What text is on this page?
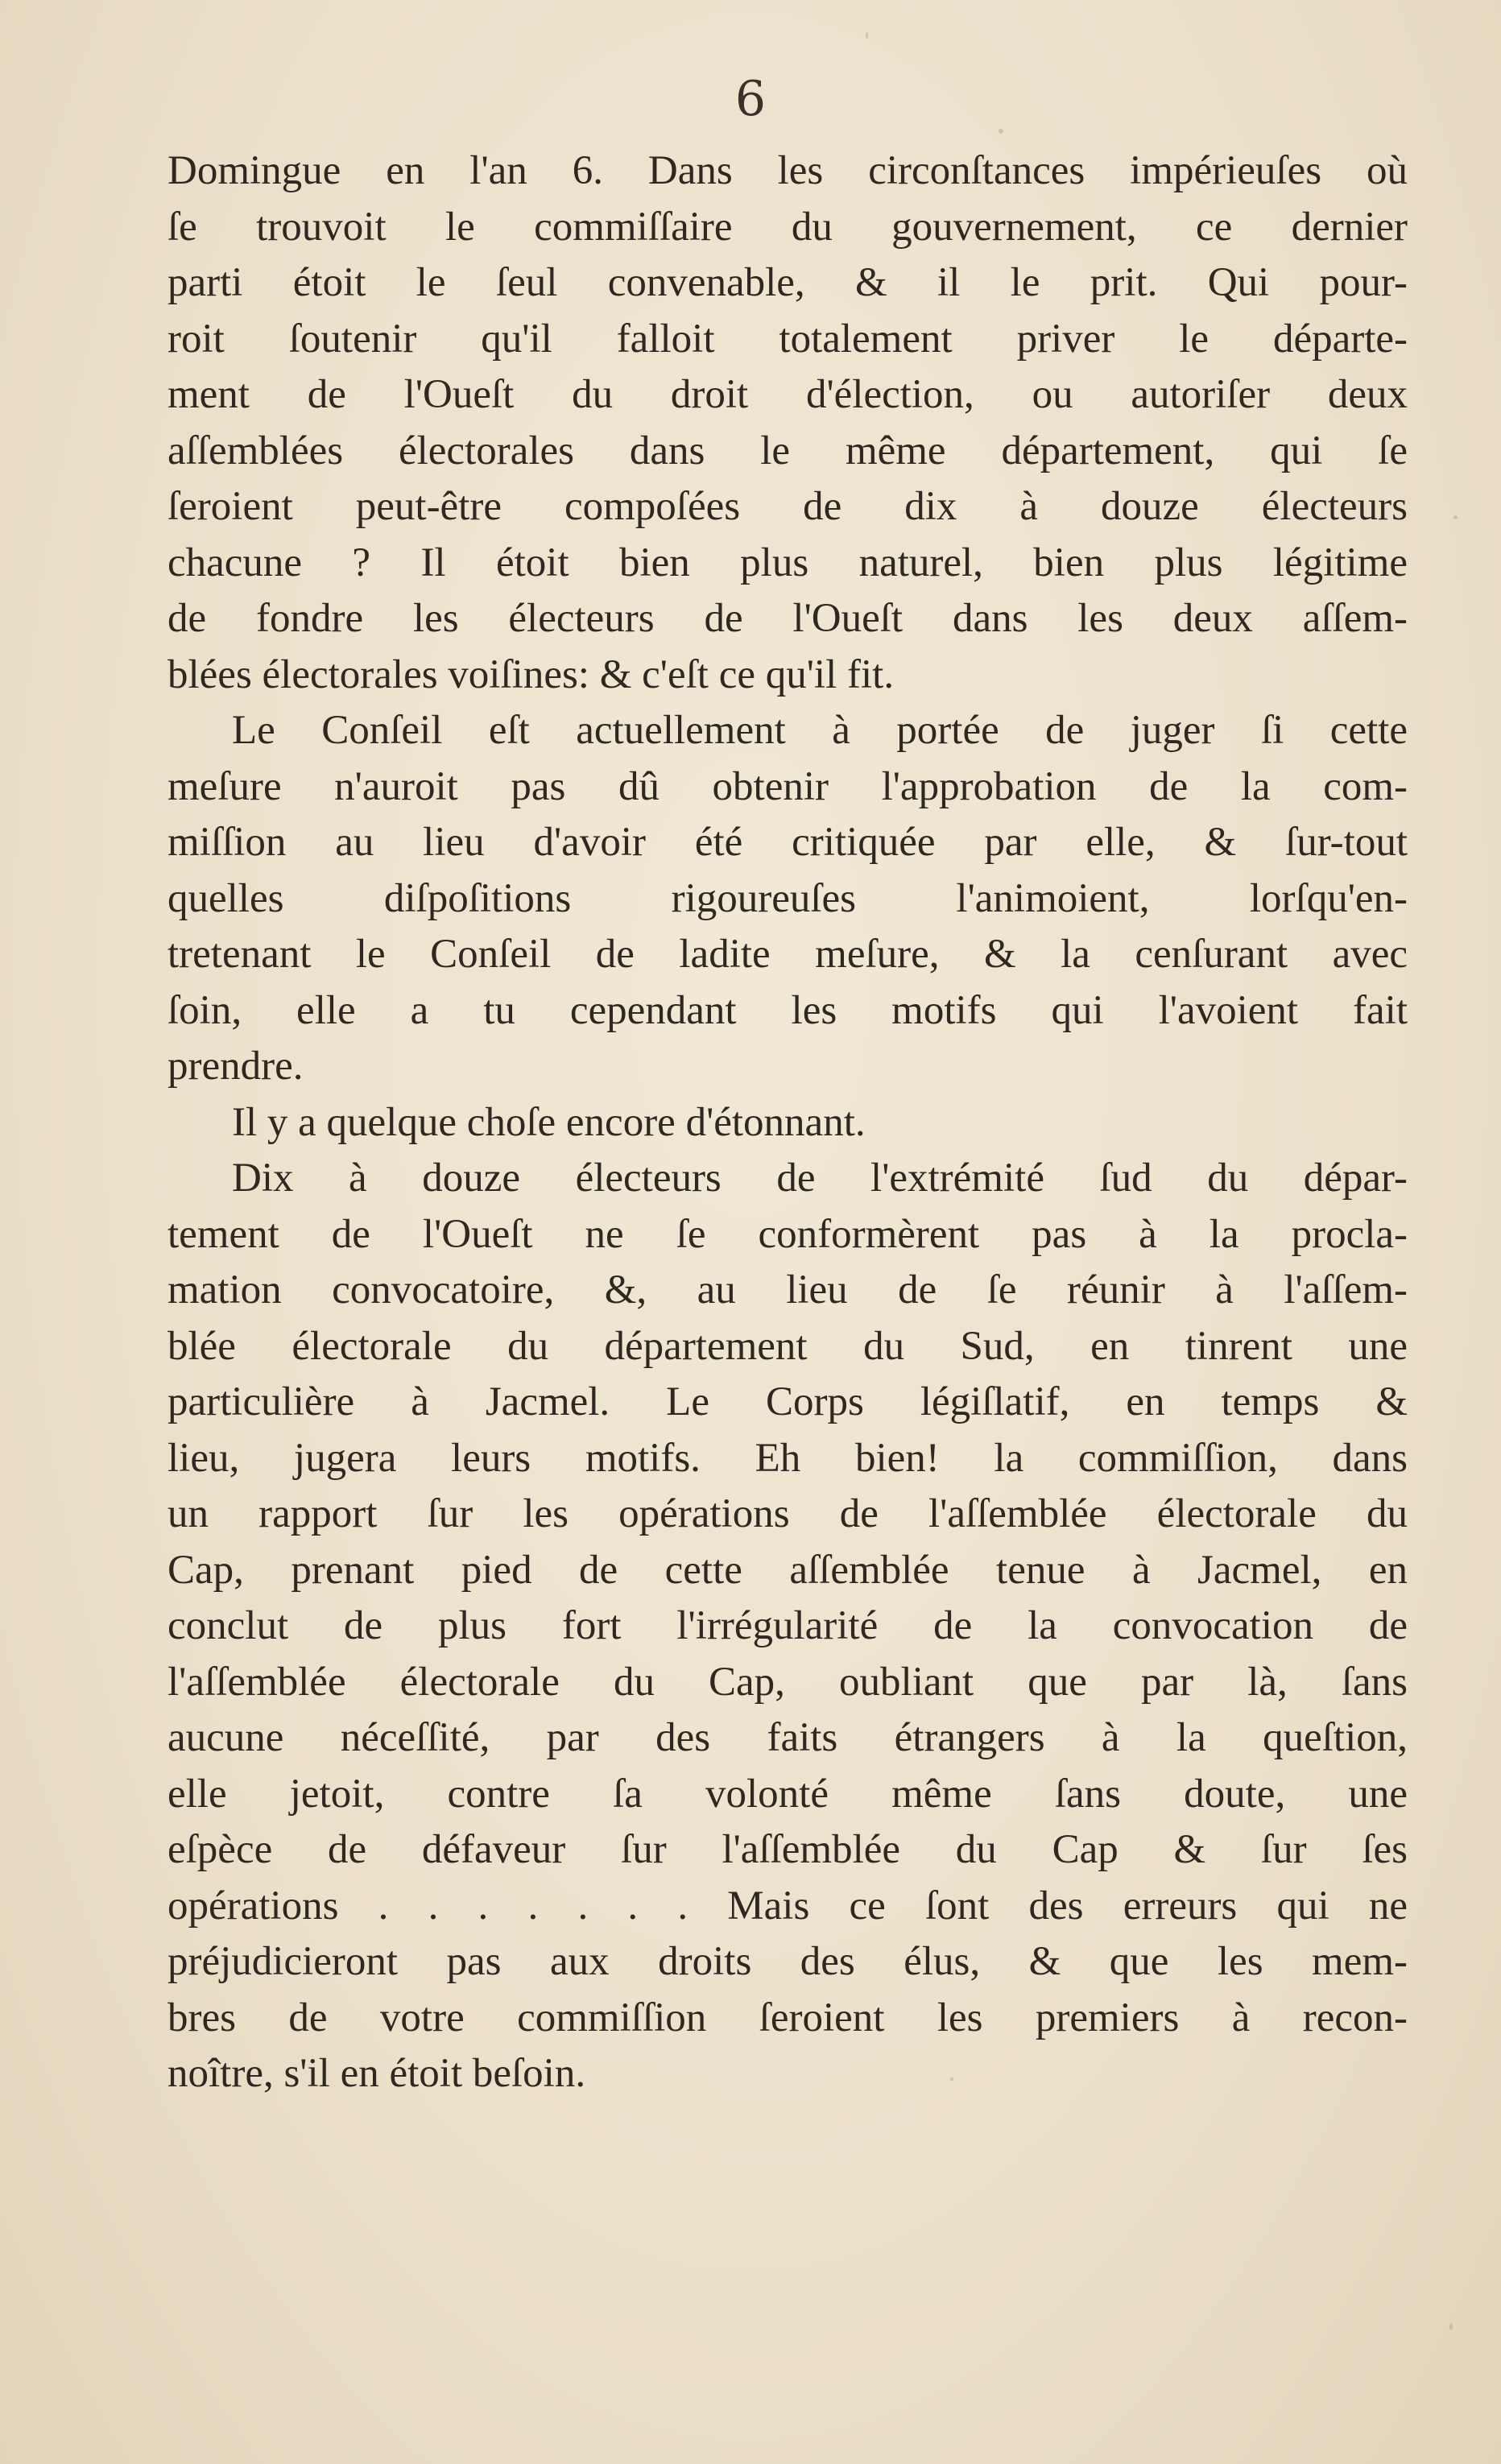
6
Domingue en l'an 6. Dans les circonſtances impérieuſes où
ſe trouvoit le commiſſaire du gouvernement, ce dernier
parti étoit le ſeul convenable, & il le prit. Qui pour-
roit ſoutenir qu'il falloit totalement priver le départe-
ment de l'Oueſt du droit d'élection, ou autoriſer deux
aſſemblées électorales dans le même département, qui ſe
ſeroient peut-être compoſées de dix à douze électeurs
chacune ? Il étoit bien plus naturel, bien plus légitime
de fondre les électeurs de l'Oueſt dans les deux aſſem-
blées électorales voiſines: & c'eſt ce qu'il fit.
Le Conſeil eſt actuellement à portée de juger ſi cette
meſure n'auroit pas dû obtenir l'approbation de la com-
miſſion au lieu d'avoir été critiquée par elle, & ſur-tout
quelles diſpoſitions rigoureuſes l'animoient, lorſqu'en-
tretenant le Conſeil de ladite meſure, & la cenſurant avec
ſoin, elle a tu cependant les motifs qui l'avoient fait
prendre.
Il y a quelque choſe encore d'étonnant.
Dix à douze électeurs de l'extrémité ſud du dépar-
tement de l'Oueſt ne ſe conformèrent pas à la procla-
mation convocatoire, &, au lieu de ſe réunir à l'aſſem-
blée électorale du département du Sud, en tinrent une
particulière à Jacmel. Le Corps légiſlatif, en temps &
lieu, jugera leurs motifs. Eh bien! la commiſſion, dans
un rapport ſur les opérations de l'aſſemblée électorale du
Cap, prenant pied de cette aſſemblée tenue à Jacmel, en
conclut de plus fort l'irrégularité de la convocation de
l'aſſemblée électorale du Cap, oubliant que par là, ſans
aucune néceſſité, par des faits étrangers à la queſtion,
elle jetoit, contre ſa volonté même ſans doute, une
eſpèce de défaveur ſur l'aſſemblée du Cap & ſur ſes
opérations . . . . . . . Mais ce ſont des erreurs qui ne
préjudicieront pas aux droits des élus, & que les mem-
bres de votre commiſſion ſeroient les premiers à recon-
noître, s'il en étoit beſoin.
